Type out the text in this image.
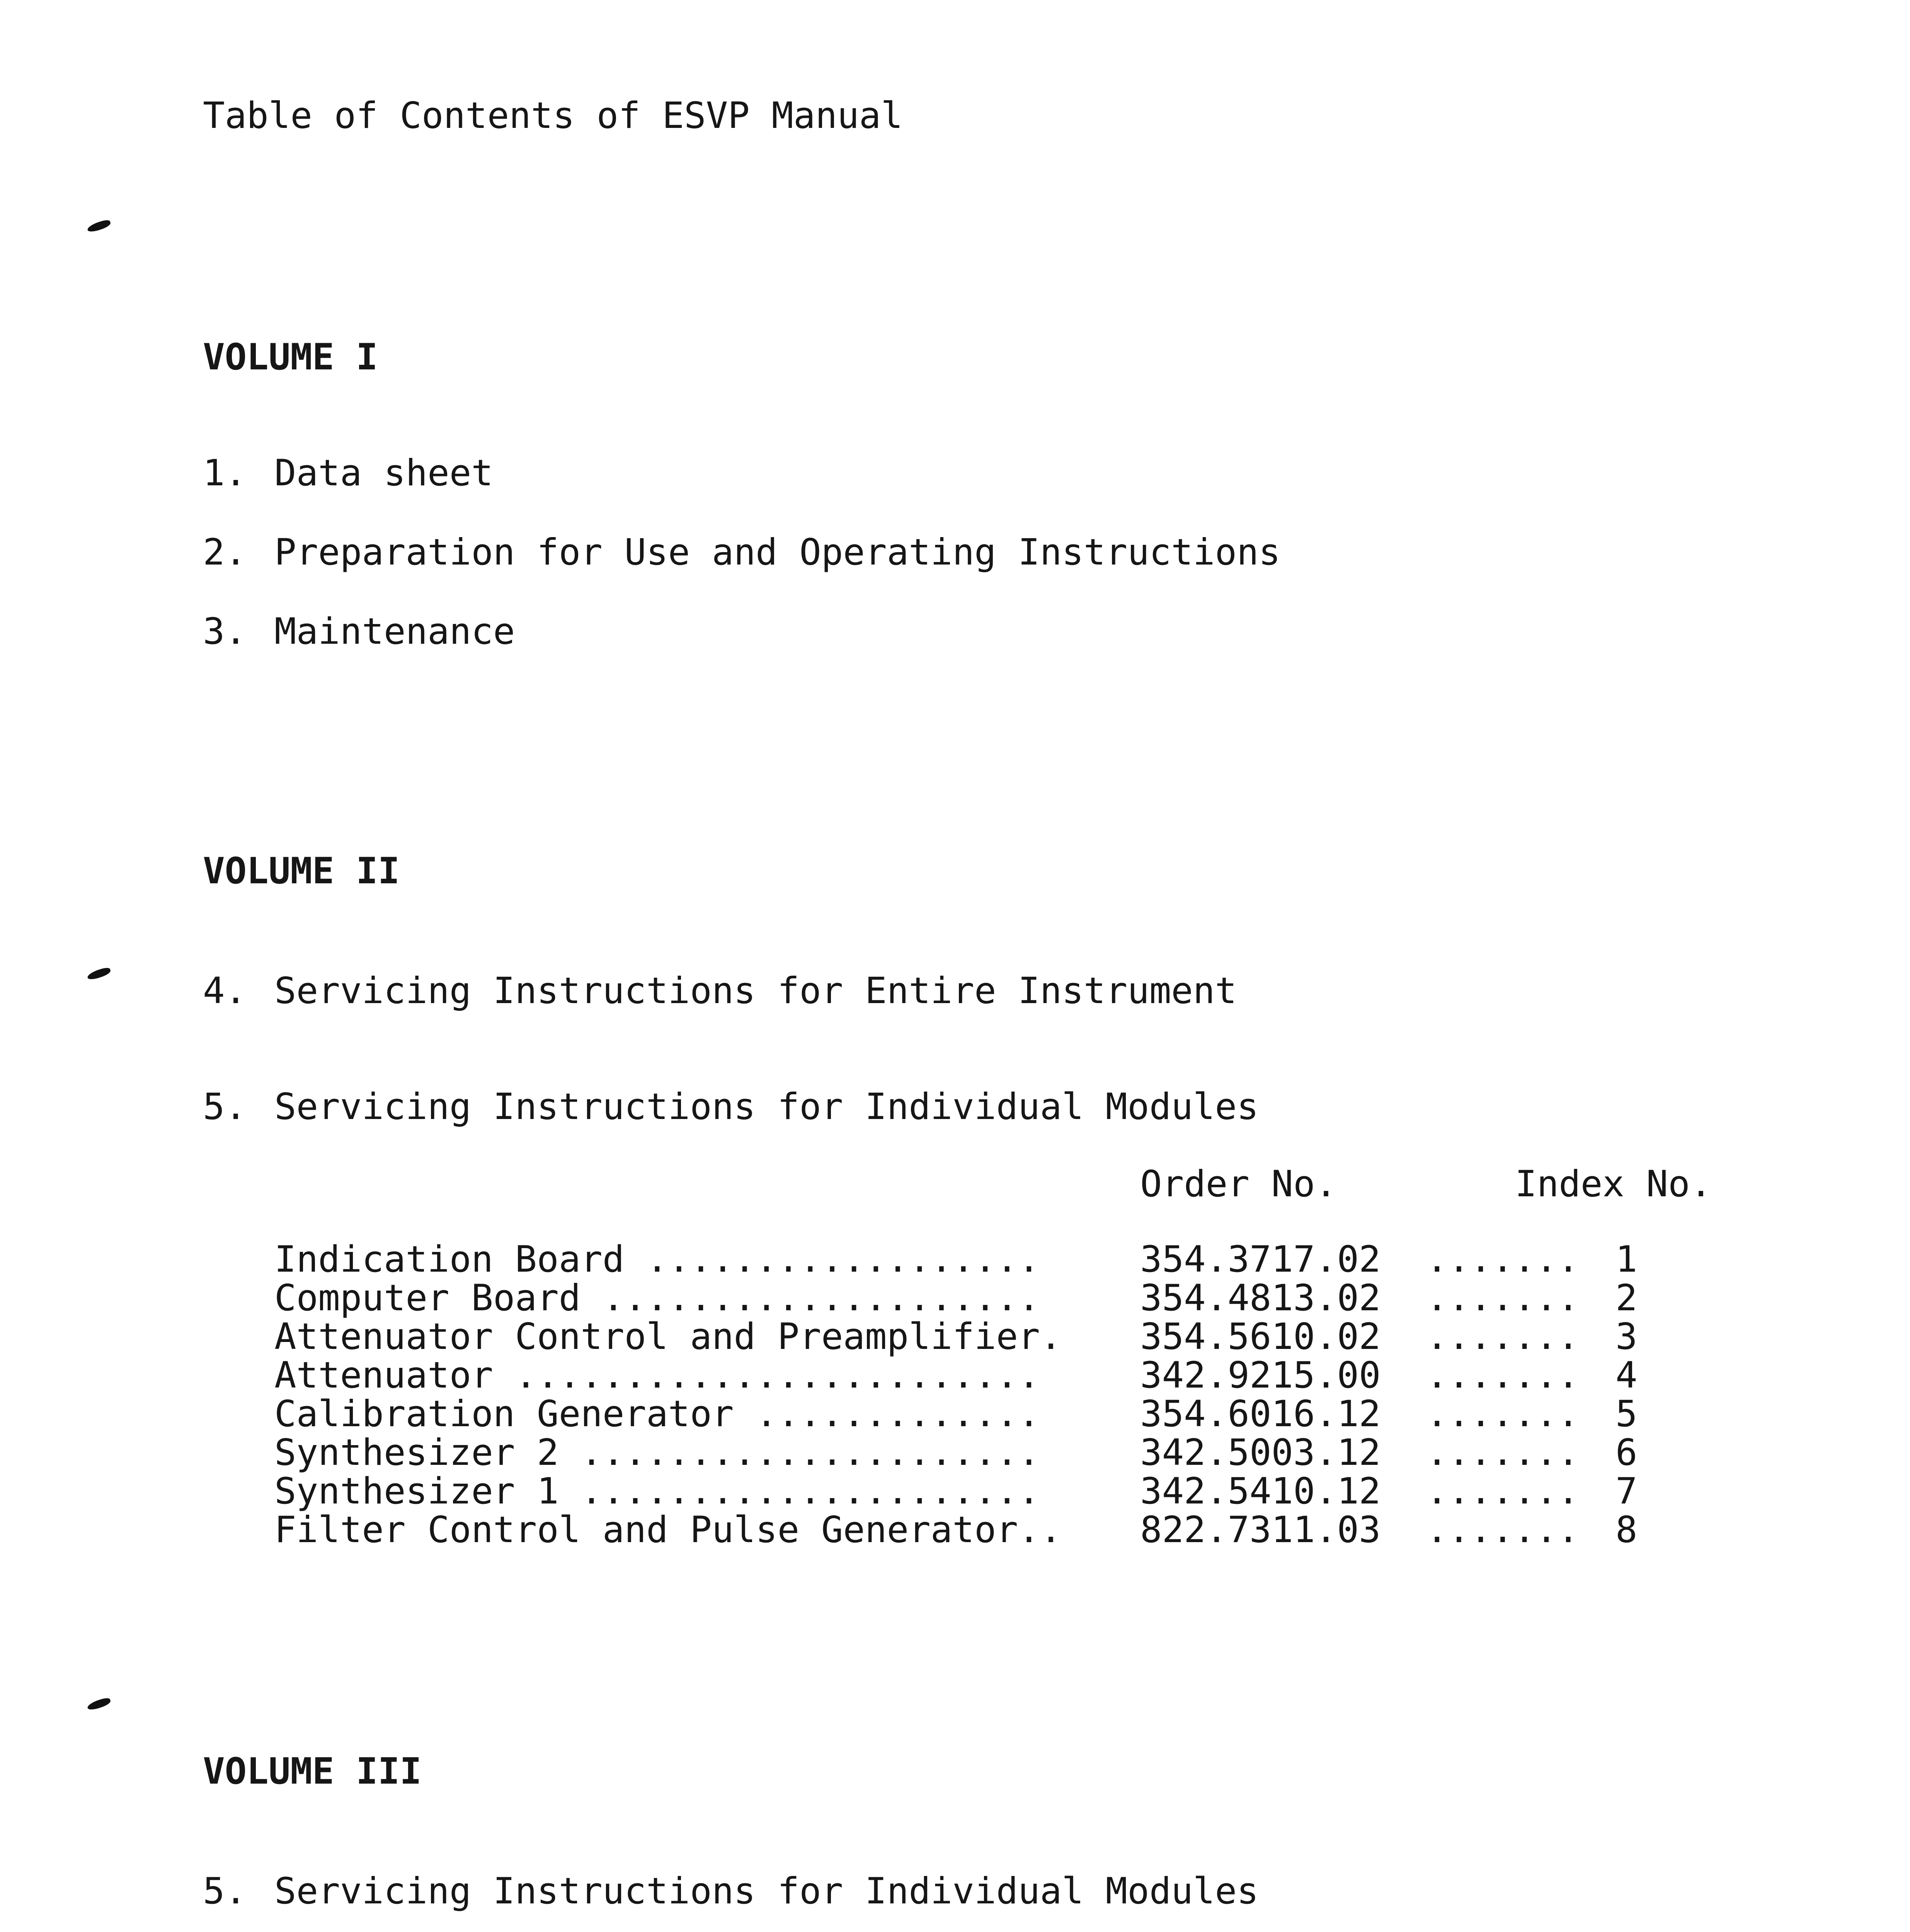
Table of Contents of ESVP Manual
VOLUME I
1. Data sheet
2. Preparation for Use and Operating Instructions
3. Maintenance
VOLUME II
4. Servicing Instructions for Entire Instrument
5. Servicing Instructions for Individual Modules
Order No.	Index No.
Indication Board ..................	354.3717.02 ....... 1
Computer Board ....................	354.4813.02 ....... 2
Attenuator Control and Preamplifier. 354.5610.02 ....... 3
Attenuator ........................	342.9215.00 ....... 4
Calibration Generator .............	354.6016.12 ....... 5
Synthesizer 2 .....................	342.5003.12 ....... 6
Synthesizer 1 .....................	342.5410.12 ....... 7
Filter Control and Pulse Generator.. 822.7311.03 ....... 8
VOLUME III
5. Servicing Instructions for Individual Modules
